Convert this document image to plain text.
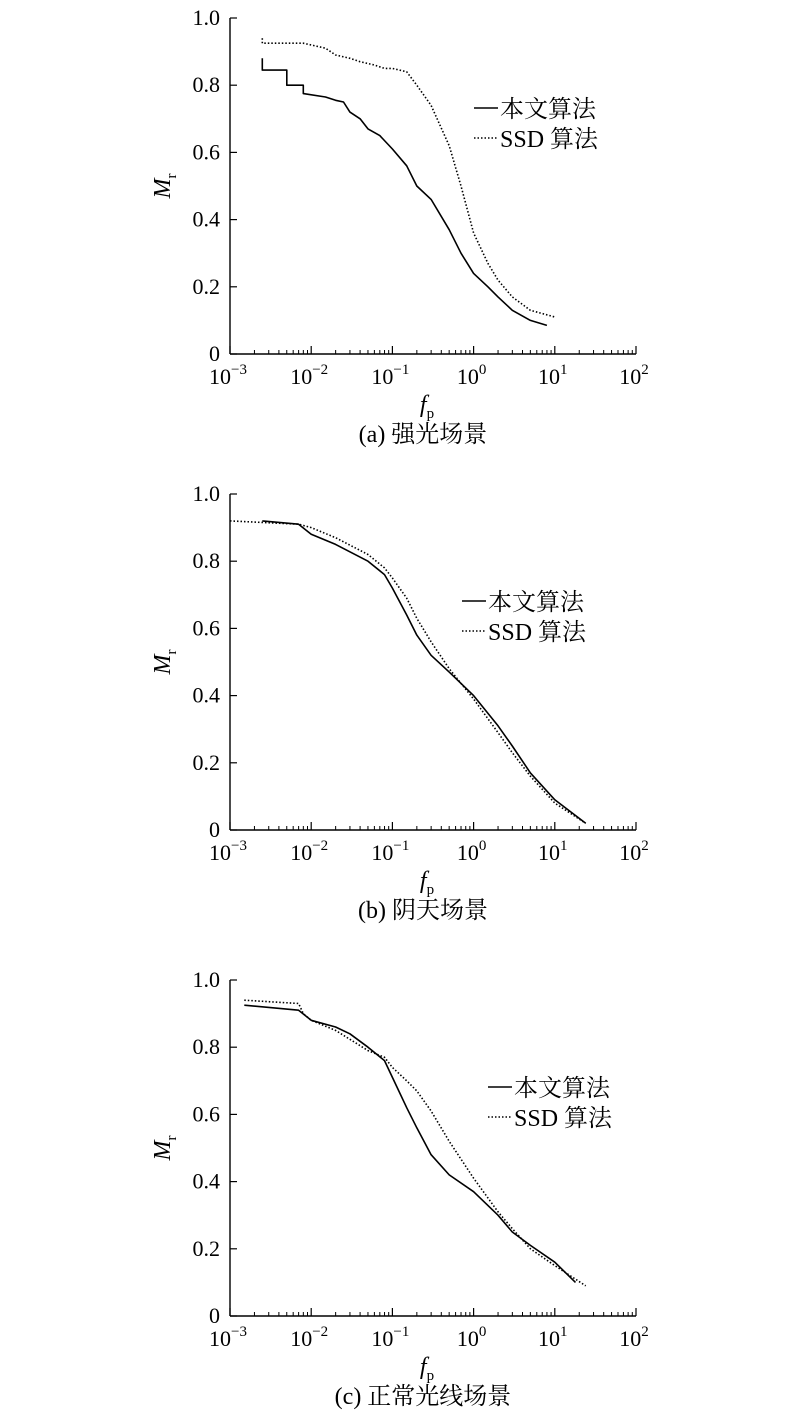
0
0.2
0.4
0.6
0.8
1.0
$10^{-3}$ $10^{-2}$ $10^{-1}$ $10^0$ $10^1$ $10^2$
本文算法
SSD 算法
$M_r$
$f_p$
(a) 强光场景
0
0.2
0.4
0.6
0.8
1.0
$10^{-3}$ $10^{-2}$ $10^{-1}$ $10^0$ $10^1$ $10^2$
本文算法
SSD 算法
$M_r$
$f_p$
(b) 阴天场景
0
0.2
0.4
0.6
0.8
1.0
$10^{-3}$ $10^{-2}$ $10^{-1}$ $10^0$ $10^1$ $10^2$
本文算法
SSD 算法
$M_r$
$f_p$
(c) 正常光线场景
